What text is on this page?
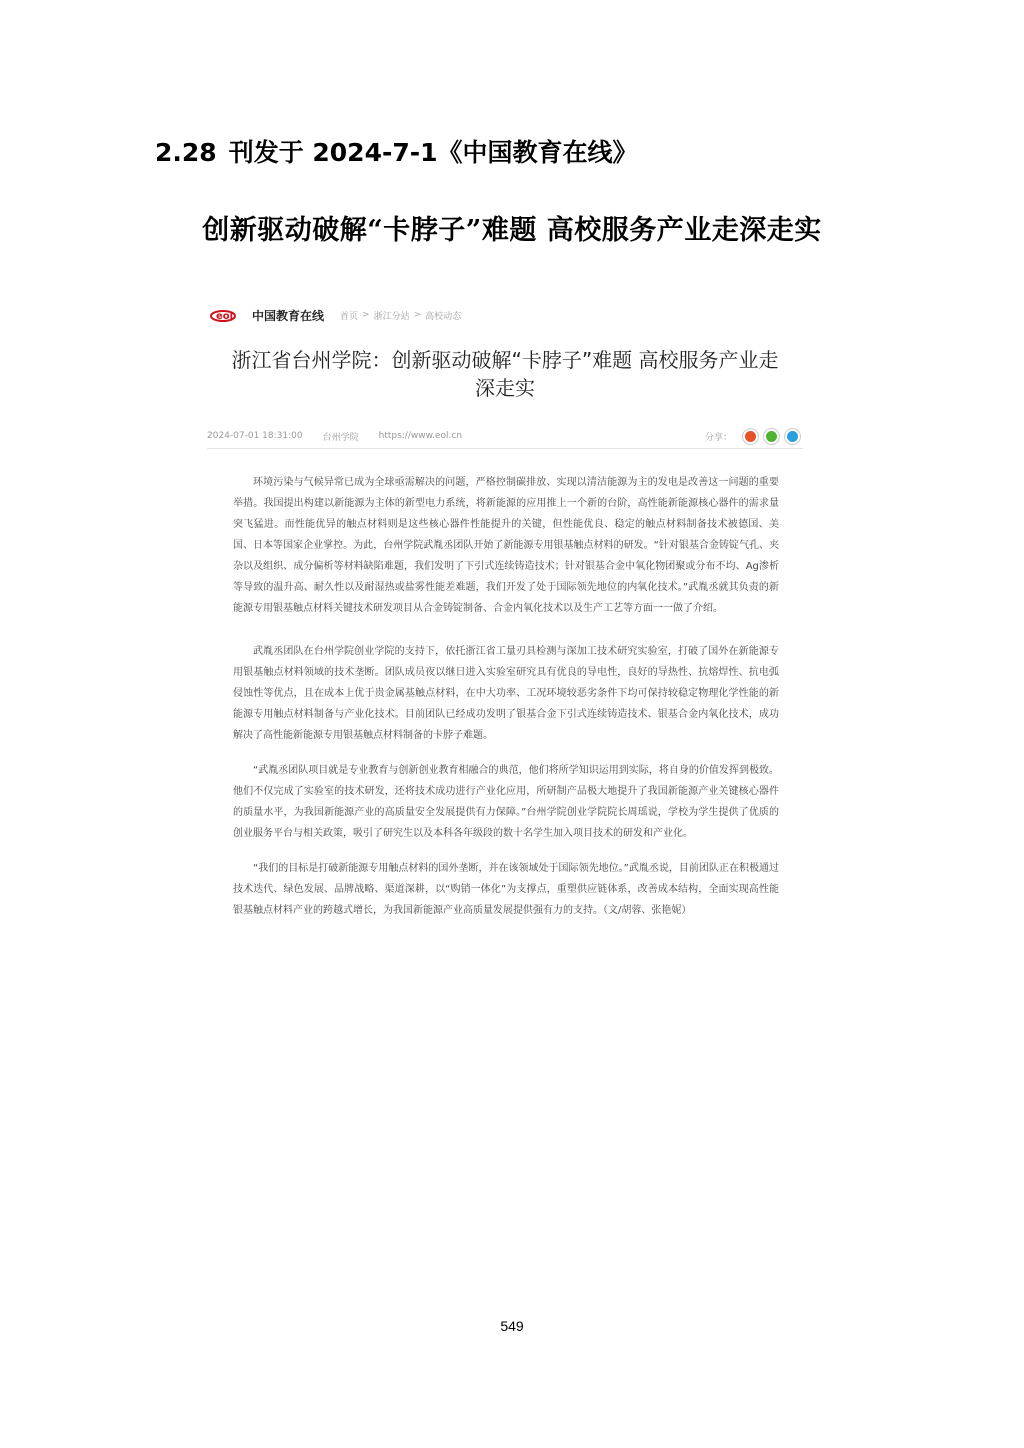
2.28 刊发于 2024-7-1《中国教育在线》
创新驱动破解“卡脖子”难题 高校服务产业走深走实
eol 中国教育在线 首页 > 浙江分站 > 高校动态
浙江省台州学院：创新驱动破解“卡脖子”难题 高校服务产业走深走实
2024-07-01 18:31:00 台州学院 https://www.eol.cn	分享：

环境污染与气候异常已成为全球亟需解决的问题，严格控制碳排放、实现以清洁能源为主的发电是改善这一问题的重要举措。我国提出构建以新能源为主体的新型电力系统，将新能源的应用推上一个新的台阶，高性能新能源核心器件的需求量突飞猛进。而性能优异的触点材料则是这些核心器件性能提升的关键，但性能优良、稳定的触点材料制备技术被德国、美国、日本等国家企业掌控。为此，台州学院武胤丞团队开始了新能源专用银基触点材料的研发。“针对银基合金铸锭气孔、夹杂以及组织、成分偏析等材料缺陷难题，我们发明了下引式连续铸造技术；针对银基合金中氧化物团聚或分布不均、Ag渗析等导致的温升高、耐久性以及耐湿热或盐雾性能差难题，我们开发了处于国际领先地位的内氧化技术。”武胤丞就其负责的新能源专用银基触点材料关键技术研发项目从合金铸锭制备、合金内氧化技术以及生产工艺等方面一一做了介绍。

武胤丞团队在台州学院创业学院的支持下，依托浙江省工量刃具检测与深加工技术研究实验室，打破了国外在新能源专用银基触点材料领域的技术垄断。团队成员夜以继日进入实验室研究具有优良的导电性，良好的导热性、抗熔焊性、抗电弧侵蚀性等优点，且在成本上优于贵金属基触点材料，在中大功率、工况环境较恶劣条件下均可保持较稳定物理化学性能的新能源专用触点材料制备与产业化技术。目前团队已经成功发明了银基合金下引式连续铸造技术、银基合金内氧化技术，成功解决了高性能新能源专用银基触点材料制备的卡脖子难题。

“武胤丞团队项目就是专业教育与创新创业教育相融合的典范，他们将所学知识运用到实际，将自身的价值发挥到极致。他们不仅完成了实验室的技术研发，还将技术成功进行产业化应用，所研制产品极大地提升了我国新能源产业关键核心器件的质量水平，为我国新能源产业的高质量安全发展提供有力保障。”台州学院创业学院院长周瑶说，学校为学生提供了优质的创业服务平台与相关政策，吸引了研究生以及本科各年级段的数十名学生加入项目技术的研发和产业化。

“我们的目标是打破新能源专用触点材料的国外垄断，并在该领域处于国际领先地位。”武胤丞说，目前团队正在积极通过技术迭代、绿色发展、品牌战略、渠道深耕，以“购销一体化”为支撑点，重塑供应链体系，改善成本结构，全面实现高性能银基触点材料产业的跨越式增长，为我国新能源产业高质量发展提供强有力的支持。（文/胡蓉、张艳妮）

549
